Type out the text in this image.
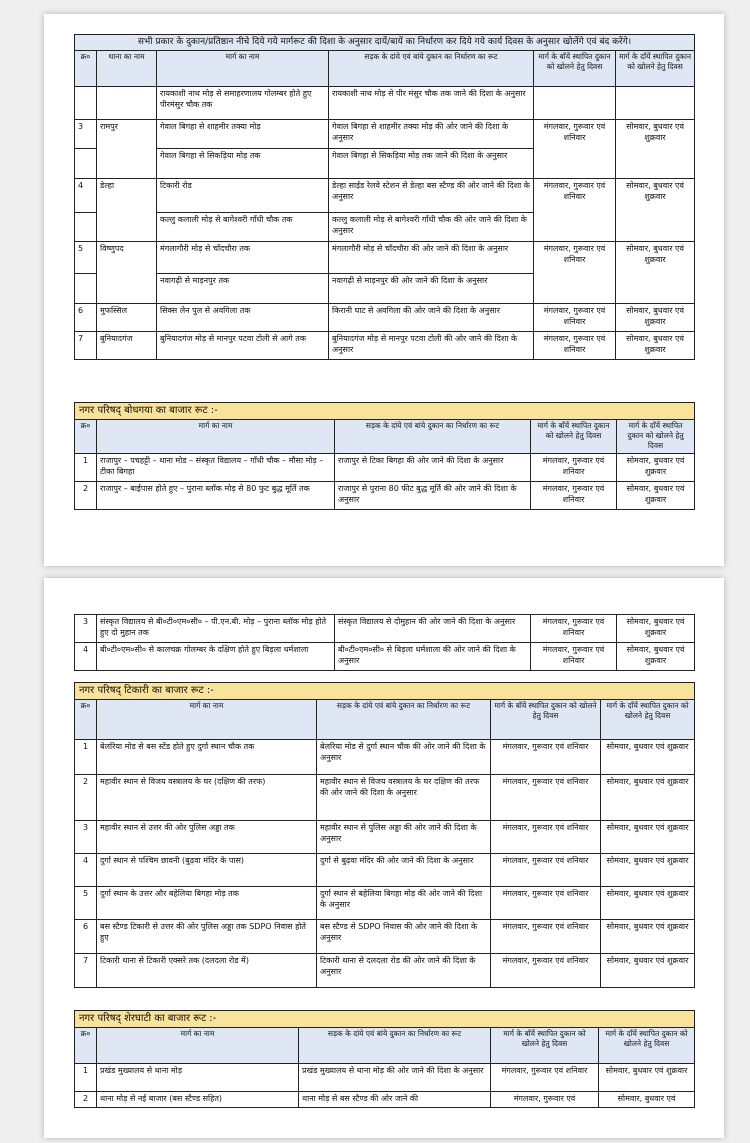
सभी प्रकार के दुकान/प्रतिष्ठान नीचे दिये गये मार्गरूट की दिशा के अनुसार दायें/बायें का निर्धारण कर दिये गये कार्य दिवस के अनुसार खोलेंगे एवं बंद करेंगे।					
क्र०	थाना का नाम	मार्ग का नाम	सड़क के दांये एवं बांये दुकान का निर्धारण का रूट	मार्ग के बाँयें स्थापित दुकान को खोलने हेतु दिवस	मार्ग के दाँयें स्थापित दुकान को खोलने हेतु दिवस
		रायकाशी नाथ मोड़ से समाहरणालय गोलम्बर होते हुए पीरमंसुर चौक तक	रायकाशी नाथ मोड़ से पीर मंसुर चौक तक जाने की दिशा के अनुसार		
3	रामपुर	गेवाल बिगहा से शाहमीर तक्या मोड़	गेवाल बिगहा से शाहमीर तक्या मोड़ की ओर जाने की दिशा के अनुसार	मंगलवार, गुरूवार एवं शनिवार	सोमवार, बुधवार एवं शुक्रवार
		गेवाल बिगहा से सिकड़िया मोड़ तक	गेवाल बिगहा से सिकड़िया मोड़ तक जाने की दिशा के अनुसार		
4	डेल्हा	टिकारी रोड	डेल्हा साईड रेलवे स्टेशन से डेल्हा बस स्टैण्ड की ओर जाने की दिशा के अनुसार	मंगलवार, गुरूवार एवं शनिवार	सोमवार, बुधवार एवं शुक्रवार
		कल्लु कलाली मोड़ से बागेश्वरी गाँधी चौक तक	कल्लु कलाली मोड़ से बागेश्वरी गाँधी चौक की ओर जाने की दिशा के अनुसार		
5	विष्णुपद	मंगलागौरी मोड़ से चाँदचौरा तक	मंगलागौरी मोड़ से चाँदचौरा की ओर जाने की दिशा के अनुसार	मंगलवार, गुरूवार एवं शनिवार	सोमवार, बुधवार एवं शुक्रवार
		नवागढ़ी से माड़नपुर तक	नवागढ़ी से माड़नपुर की ओर जाने की दिशा के अनुसार		
6	मुफस्सिल	सिक्स लेन पुल से अवगिला तक	किरानी घाट से अवगिला की ओर जाने की दिशा के अनुसार	मंगलवार, गुरूवार एवं शनिवार	सोमवार, बुधवार एवं शुक्रवार
7	बुनियादगंज	बुनियादगंज मोड़ से मानपुर पटवा टोली से आगे तक	बुनियादगंज मोड़ से मानपुर पटवा टोली की ओर जाने की दिशा के अनुसार	मंगलवार, गुरूवार एवं शनिवार	सोमवार, बुधवार एवं शुक्रवार
नगर परिषद् बोधगया का बाजार रूट :-				
क्र०	मार्ग का नाम	सड़क के दांये एवं बांये दुकान का निर्धारण का रूट	मार्ग के बाँयें स्थापित दुकान को खोलने हेतु दिवस	मार्ग के दाँयें स्थापित दुकान को खोलने हेतु दिवस
1	राजापुर – पचहट्टी – थाना मोड – संस्कृत विद्यालय – गाँधी चौक – मौसा मोड़ – टीका बिगहा	राजापुर से टिका बिगहा की ओर जाने की दिशा के अनुसार	मंगलवार, गुरूवार एवं शनिवार	सोमवार, बुधवार एवं शुक्रवार
2	राजापुर – बाईपास होते हुए – पुराना ब्लॉक मोड़ से 80 फुट बुद्ध मूर्ति तक	राजापुर से पुराना 80 फीट बुद्ध मूर्ति की ओर जाने की दिशा के अनुसार	मंगलवार, गुरूवार एवं शनिवार	सोमवार, बुधवार एवं शुक्रवार
3	संस्कृत विद्यालय से बी०टी०एम०सी० – पी.एन.बी. मोड़ – पुराना ब्लॉक मोड़ होते हुए दो मुहान तक	संस्कृत विद्यालय से दोमुहान की ओर जाने की दिशा के अनुसार	मंगलवार, गुरूवार एवं शनिवार	सोमवार, बुधवार एवं शुक्रवार
4	बी०टी०एम०सी० से कालचक्र गोलम्बर के दक्षिण होते हुए बिड़ला धर्मशाला	बी०टी०एम०सी० से बिड़ला धर्मशाला की ओर जाने की दिशा के अनुसार	मंगलवार, गुरूवार एवं शनिवार	सोमवार, बुधवार एवं शुक्रवार
नगर परिषद् टिकारी का बाजार रूट :-				
क्र०	मार्ग का नाम	सड़क के दांये एवं बांये दुकान का निर्धारण का रूट	मार्ग के बाँयें स्थापित दुकान को खोलने हेतु दिवस	मार्ग के दाँयें स्थापित दुकान को खोलने हेतु दिवस
1	बेलरिया मोड से बस स्टेंड होते हुए दुर्गा स्थान चौक तक	बेलरिया मोड से दुर्गा स्थान चौक की ओर जाने की दिशा के अनुसार	मंगलवार, गुरूवार एवं शनिवार	सोमवार, बुधवार एवं शुक्रवार
2	महावीर स्थान से विजय वस्त्रालय के घर (दक्षिण की तरफ)	महावीर स्थान से विजय वस्त्रालय के घर दक्षिण की तरफ की ओर जाने की दिशा के अनुसार	मंगलवार, गुरूवार एवं शनिवार	सोमवार, बुधवार एवं शुक्रवार
3	महावीर स्थान से उत्तर की ओर पुलिस अड्डा तक	महावीर स्थान से पुलिस अड्डा की ओर जाने की दिशा के अनुसार	मंगलवार, गुरूवार एवं शनिवार	सोमवार, बुधवार एवं शुक्रवार
4	दुर्गा स्थान से पश्चिम छावनी (बुढ़वा मंदिर के पास)	दुर्गा से बुढ़वा मंदिर की ओर जाने की दिशा के अनुसार	मंगलवार, गुरूवार एवं शनिवार	सोमवार, बुधवार एवं शुक्रवार
5	दुर्गा स्थान के उत्तर और बहेलिया बिगहा मोड़ तक	दुर्गा स्थान से बहेलिया बिगहा मोड़ की ओर जाने की दिशा के अनुसार	मंगलवार, गुरूवार एवं शनिवार	सोमवार, बुधवार एवं शुक्रवार
6	बस स्टैण्ड टिकारी से उत्तर की ओर पुलिस अड्डा तक SDPO निवास होते हुए	बस स्टैण्ड से SDPO निवास की ओर जाने की दिशा के अनुसार	मंगलवार, गुरूवार एवं शनिवार	सोमवार, बुधवार एवं शुक्रवार
7	टिकारी थाना से टिकारी एक्सरे तक (दलदला रोड में)	टिकारी थाना से दलदला रोड की ओर जाने की दिशा के अनुसार	मंगलवार, गुरूवार एवं शनिवार	सोमवार, बुधवार एवं शुक्रवार
नगर परिषद् शेरघाटी का बाजार रूट :-				
क्र०	मार्ग का नाम	सड़क के दांये एवं बांये दुकान का निर्धारण का रूट	मार्ग के बाँयें स्थापित दुकान को खोलने हेतु दिवस	मार्ग के दाँयें स्थापित दुकान को खोलने हेतु दिवस
1	प्रखंड मुख्यालय से थाना मोड़	प्रखंड मुख्यालय से थाना मोड़ की ओर जाने की दिशा के अनुसार	मंगलवार, गुरूवार एवं शनिवार	सोमवार, बुधवार एवं शुक्रवार
2	थाना मोड़ से नई बाजार (बस स्टैण्ड सहित)	थाना मोड़ से बस स्टैण्ड की ओर जाने की	मंगलवार, गुरूवार एवं	सोमवार, बुधवार एवं
